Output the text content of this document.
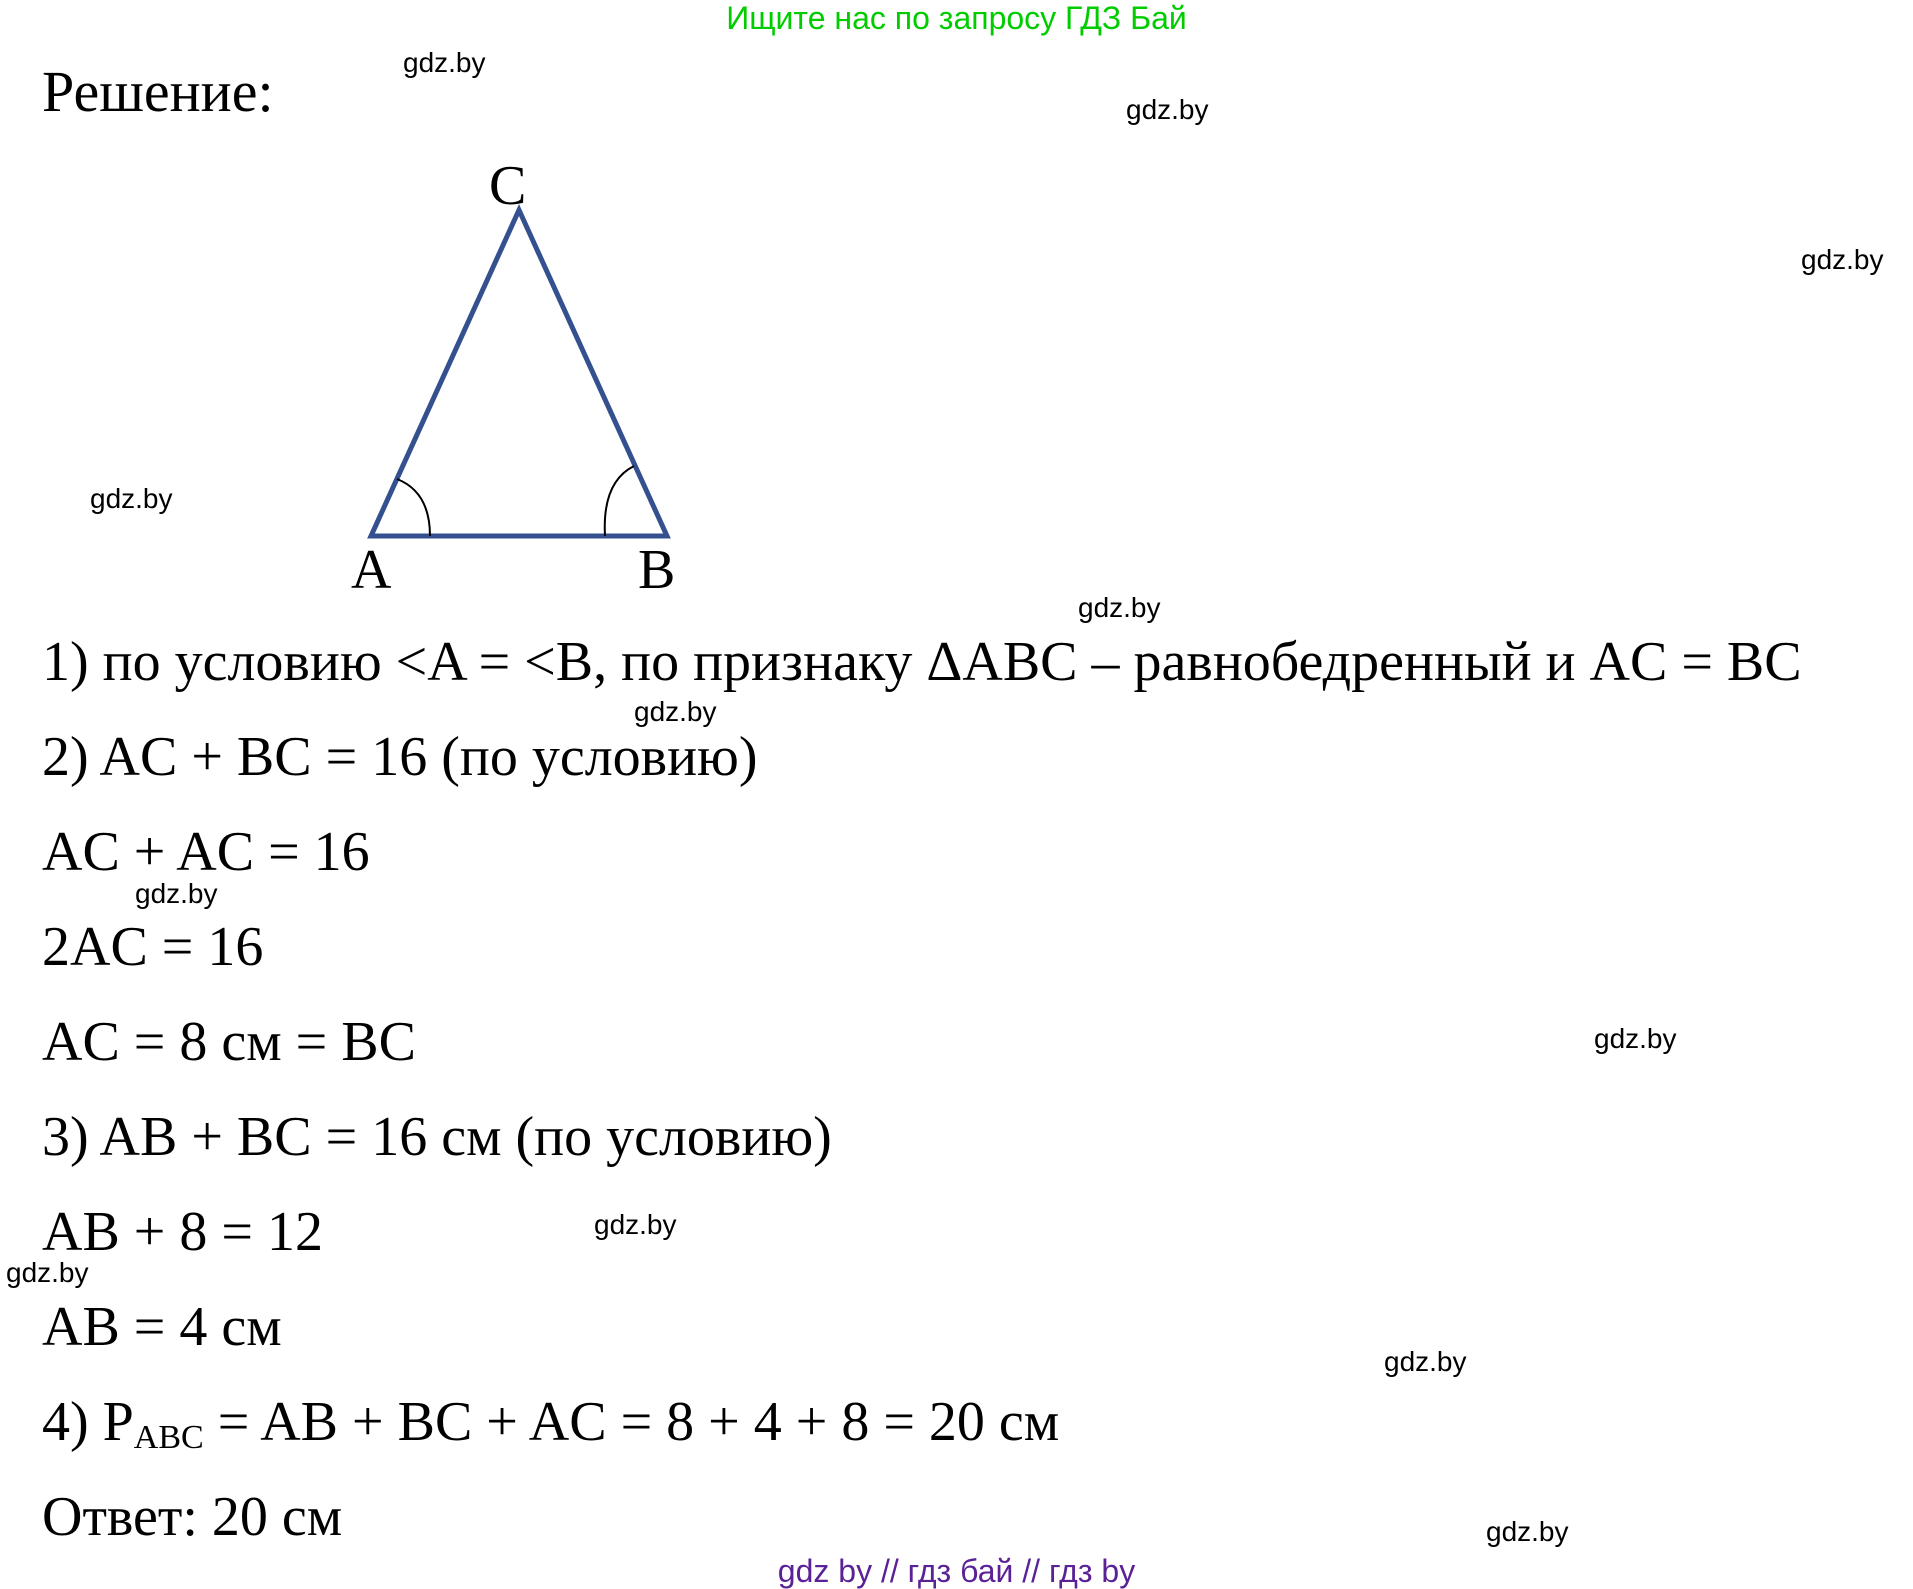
Ищите нас по запросу ГДЗ Бай
Решение:
C
A	B
1) по условию <A = <B, по признаку ΔABC – равнобедренный и AC = BC
2) AC + BC = 16 (по условию)
AC + AC = 16
2AC = 16
AC = 8 см = BC
3) AB + BC = 16 см (по условию)
AB + 8 = 12
AB = 4 см
4) $P_{ABC}$ = AB + BC + AC = 8 + 4 + 8 = 20 см
Ответ: 20 см
gdz.by
gdz.by
gdz.by
gdz.by
gdz.by
gdz.by
gdz.by
gdz.by
gdz.by
gdz.by
gdz.by
gdz.by
gdz by // гдз бай // гдз by
